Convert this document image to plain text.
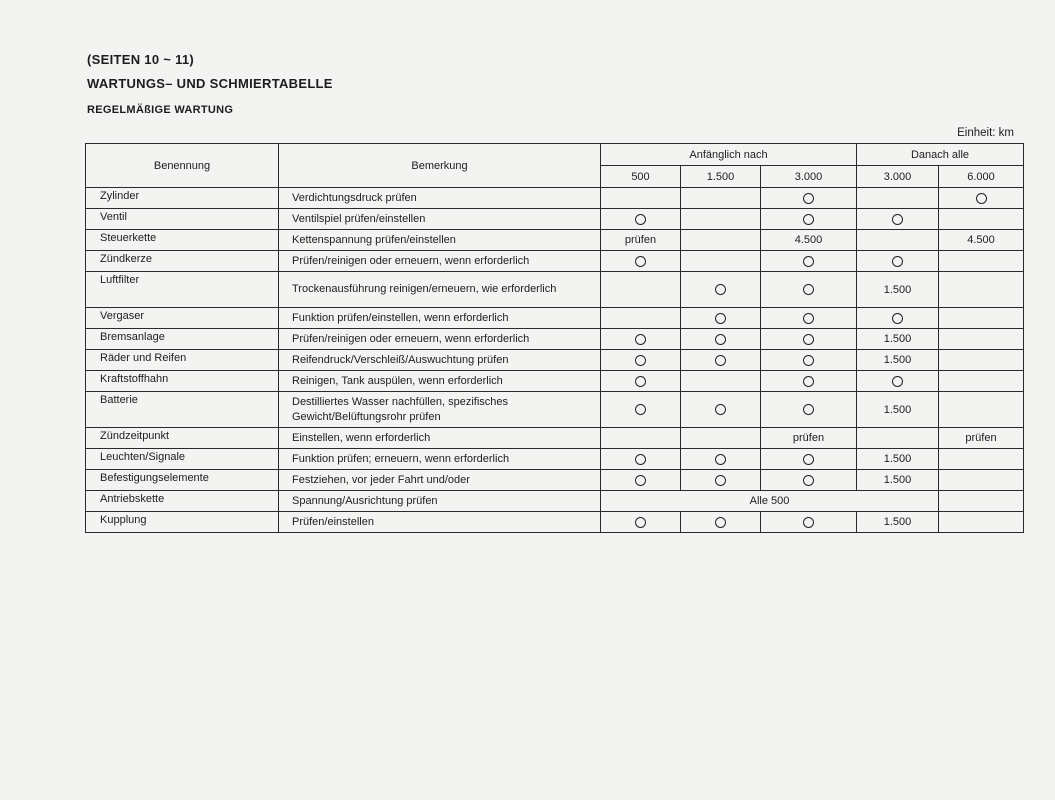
(SEITEN 10 ~ 11)
WARTUNGS– UND SCHMIERTABELLE
REGELMÄßIGE WARTUNG
Einheit: km
Benennung	Bemerkung	Anfänglich nach			Danach alle	
		500	1.500	3.000	3.000	6.000
Zylinder	Verdichtungsdruck prüfen					
Ventil	Ventilspiel prüfen/einstellen					
Steuerkette	Kettenspannung prüfen/einstellen	prüfen		4.500		4.500
Zündkerze	Prüfen/reinigen oder erneuern, wenn erforderlich					
Luftfilter	Trockenausführung reinigen/erneuern, wie erforderlich				1.500	
Vergaser	Funktion prüfen/einstellen, wenn erforderlich					
Bremsanlage	Prüfen/reinigen oder erneuern, wenn erforderlich				1.500	
Räder und Reifen	Reifendruck/Verschleiß/Auswuchtung prüfen				1.500	
Kraftstoffhahn	Reinigen, Tank auspülen, wenn erforderlich					
Batterie	Destilliertes Wasser nachfüllen, spezifisches Gewicht/Belüftungsrohr prüfen				1.500	
Zündzeitpunkt	Einstellen, wenn erforderlich			prüfen		prüfen
Leuchten/Signale	Funktion prüfen; erneuern, wenn erforderlich				1.500	
Befestigungselemente	Festziehen, vor jeder Fahrt und/oder				1.500	
Antriebskette	Spannung/Ausrichtung prüfen	Alle 500				
Kupplung	Prüfen/einstellen				1.500	
